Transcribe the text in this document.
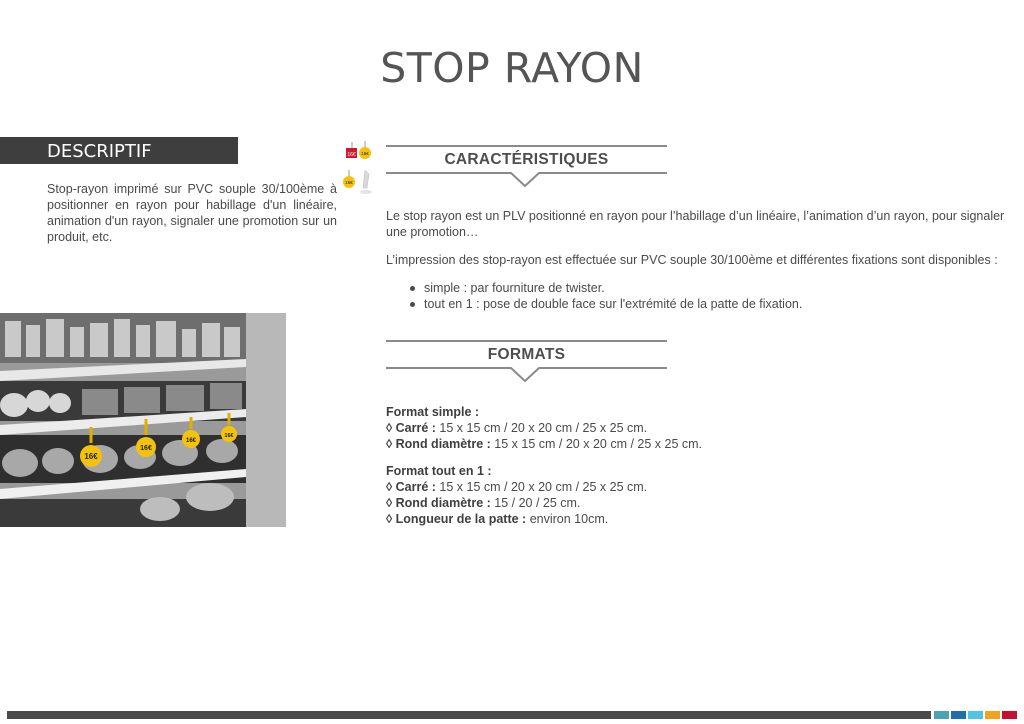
STOP RAYON
DESCRIPTIF PRODUIT
16€ 16€
16€

Stop-rayon imprimé sur PVC souple 30/100ème à positionner en rayon pour habillage d'un linéaire, animation d'un rayon, signaler une promotion sur un produit, etc.

16€
16€
16€
16€
CARACTÉRISTIQUES

Le stop rayon est un PLV positionné en rayon pour l’habillage d’un linéaire, l’animation d’un rayon, pour signaler une promotion…

L’impression des stop-rayon est effectuée sur PVC souple 30/100ème et différentes fixations sont disponibles :

simple : par fourniture de twister.
tout en 1 : pose de double face sur l'extrémité de la patte de fixation.
FORMATS
Format simple :
◊ Carré : 15 x 15 cm / 20 x 20 cm / 25 x 25 cm.
◊ Rond diamètre : 15 x 15 cm / 20 x 20 cm / 25 x 25 cm.
Format tout en 1 :
◊ Carré : 15 x 15 cm / 20 x 20 cm / 25 x 25 cm.
◊ Rond diamètre : 15 / 20 / 25 cm.
◊ Longueur de la patte : environ 10cm.
